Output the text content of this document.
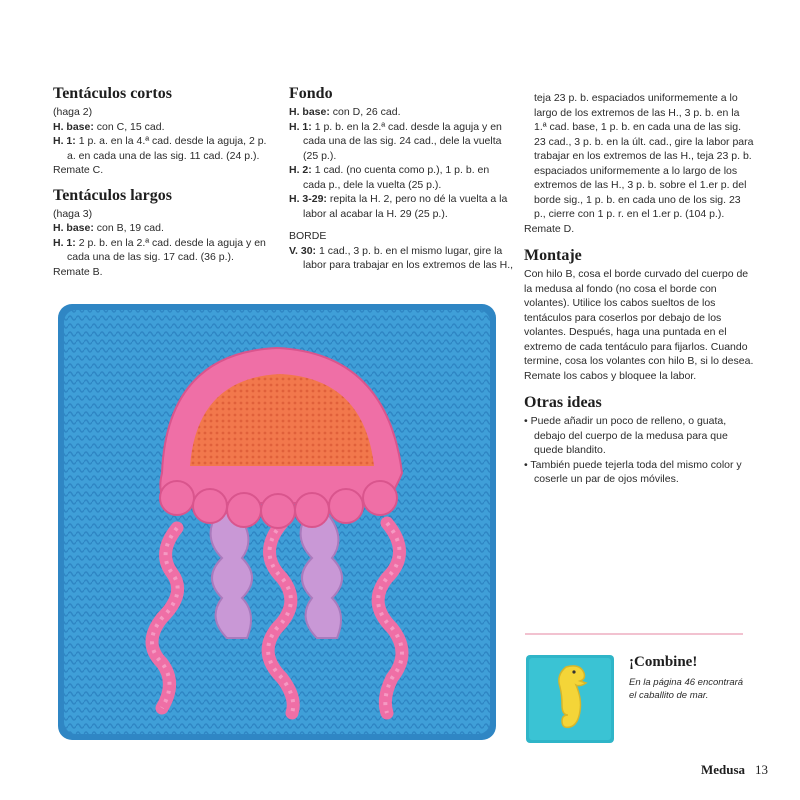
Tentáculos cortos

(haga 2)

H. base: con C, 15 cad.

H. 1: 1 p. a. en la 4.ª cad. desde la aguja, 2 p. a. en cada una de las sig. 11 cad. (24 p.).

Remate C.

Tentáculos largos

(haga 3)

H. base: con B, 19 cad.

H. 1: 2 p. b. en la 2.ª cad. desde la aguja y en cada una de las sig. 17 cad. (36 p.).

Remate B.

Fondo

H. base: con D, 26 cad.

H. 1: 1 p. b. en la 2.ª cad. desde la aguja y en cada una de las sig. 24 cad., dele la vuelta (25 p.).

H. 2: 1 cad. (no cuenta como p.), 1 p. b. en cada p., dele la vuelta (25 p.).

H. 3-29: repita la H. 2, pero no dé la vuelta a la labor al acabar la H. 29 (25 p.).

BORDE

V. 30: 1 cad., 3 p. b. en el mismo lugar, gire la labor para trabajar en los extremos de las H.,

teja 23 p. b. espaciados uniformemente a lo largo de los extremos de las H., 3 p. b. en la 1.ª cad. base, 1 p. b. en cada una de las sig. 23 cad., 3 p. b. en la últ. cad., gire la labor para trabajar en los extremos de las H., teja 23 p. b. espaciados uniformemente a lo largo de los extremos de las H., 3 p. b. sobre el 1.er p. del borde sig., 1 p. b. en cada uno de los sig. 23 p., cierre con 1 p. r. en el 1.er p. (104 p.).

Remate D.

Montaje

Con hilo B, cosa el borde curvado del cuerpo de la medusa al fondo (no cosa el borde con volantes). Utilice los cabos sueltos de los tentáculos para coserlos por debajo de los volantes. Después, haga una puntada en el extremo de cada tentáculo para fijarlos. Cuando termine, cosa los volantes con hilo B, si lo desea. Remate los cabos y bloquee la labor.

Otras ideas
• Puede añadir un poco de relleno, o guata, debajo del cuerpo de la medusa para que quede blandito.
• También puede tejerla toda del mismo color y coserle un par de ojos móviles.
¡Combine!
En la página 46 encontrará el caballito de mar.
Medusa 13
